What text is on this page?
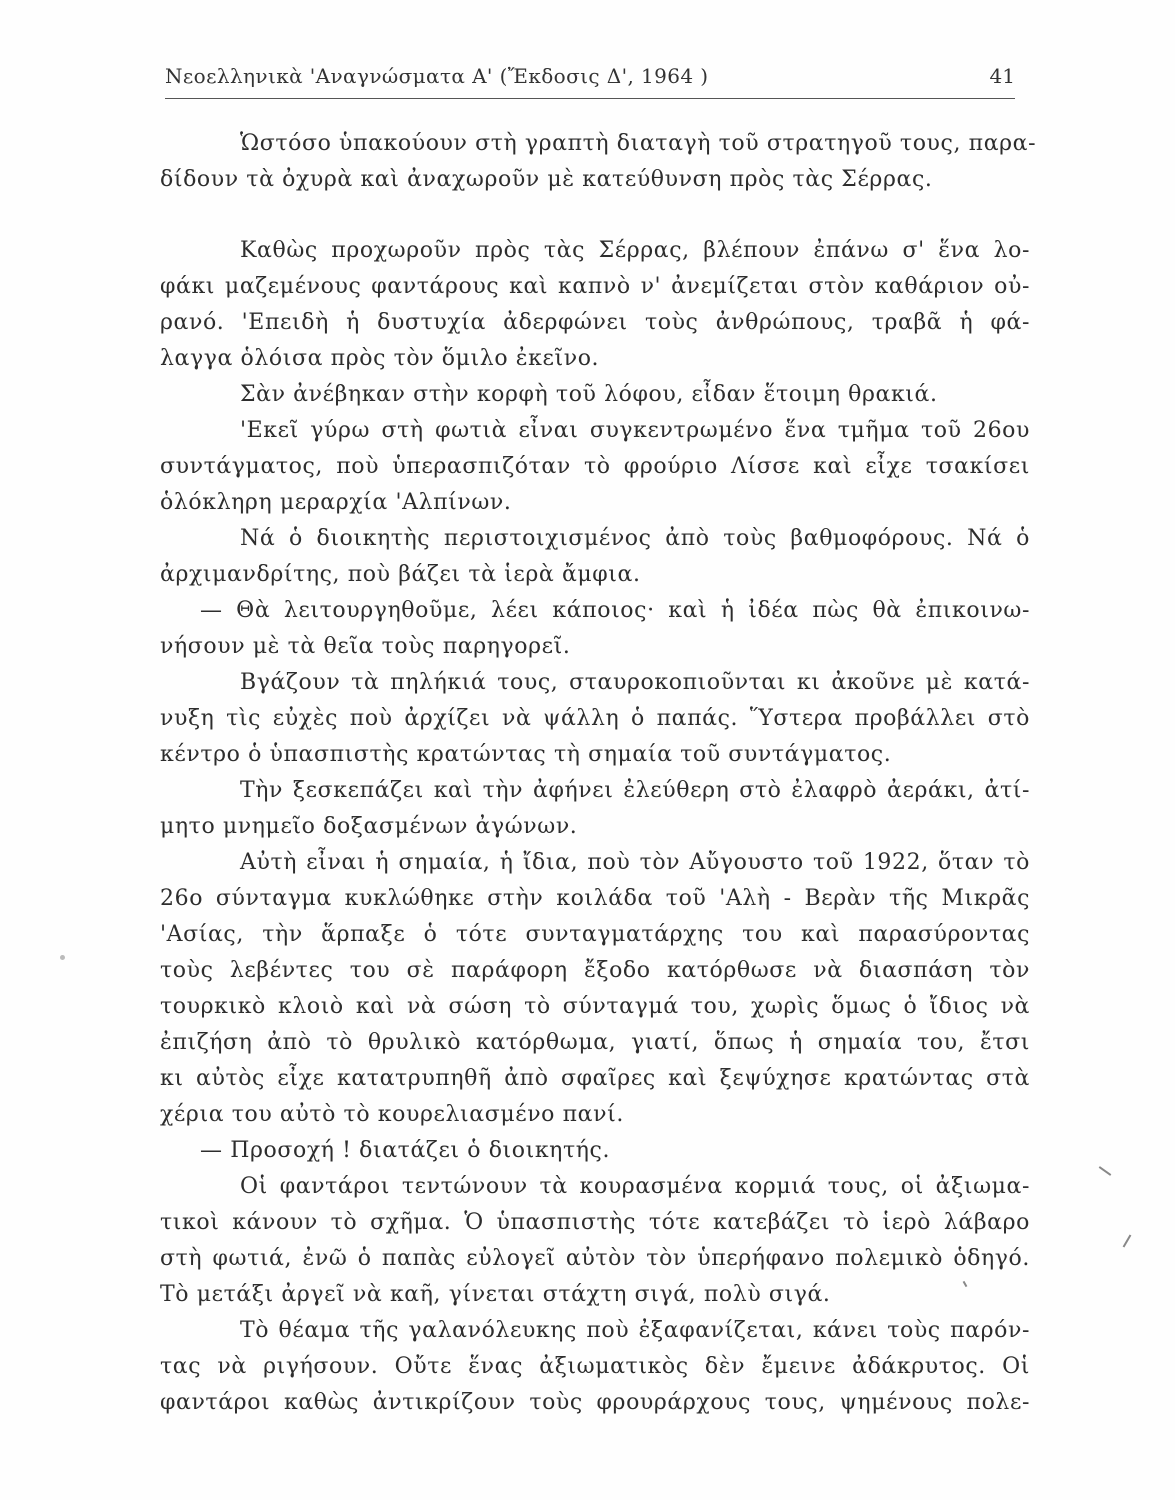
Νεοελληνικὰ 'Αναγνώσματα Α' (Ἔκδοσις Δ', 1964 )	41
Ὡστόσο ὑπακούουν στὴ γραπτὴ διαταγὴ τοῦ στρατηγοῦ τους, παρα-
δίδουν τὰ ὀχυρὰ καὶ ἀναχωροῦν μὲ κατεύθυνση πρὸς τὰς Σέρρας.
Καθὼς προχωροῦν πρὸς τὰς Σέρρας, βλέπουν ἐπάνω σ' ἕνα λο-
φάκι μαζεμένους φαντάρους καὶ καπνὸ ν' ἀνεμίζεται στὸν καθάριον οὐ-
ρανό. 'Επειδὴ ἡ δυστυχία ἀδερφώνει τοὺς ἀνθρώπους, τραβᾶ ἡ φά-
λαγγα ὁλόισα πρὸς τὸν ὅμιλο ἐκεῖνο.
Σὰν ἀνέβηκαν στὴν κορφὴ τοῦ λόφου, εἶδαν ἕτοιμη θρακιά.
'Εκεῖ γύρω στὴ φωτιὰ εἶναι συγκεντρωμένο ἕνα τμῆμα τοῦ 26ου
συντάγματος, ποὺ ὑπερασπιζόταν τὸ φρούριο Λίσσε καὶ εἶχε τσακίσει
ὁλόκληρη μεραρχία 'Αλπίνων.
Νά ὁ διοικητὴς περιστοιχισμένος ἀπὸ τοὺς βαθμοφόρους. Νά ὁ
ἀρχιμανδρίτης, ποὺ βάζει τὰ ἱερὰ ἄμφια.
— Θὰ λειτουργηθοῦμε, λέει κάποιος· καὶ ἡ ἰδέα πὼς θὰ ἐπικοινω-
νήσουν μὲ τὰ θεῖα τοὺς παρηγορεῖ.
Βγάζουν τὰ πηλήκιά τους, σταυροκοπιοῦνται κι ἀκοῦνε μὲ κατά-
νυξη τὶς εὐχὲς ποὺ ἀρχίζει νὰ ψάλλη ὁ παπάς. Ὕστερα προβάλλει στὸ
κέντρο ὁ ὑπασπιστὴς κρατώντας τὴ σημαία τοῦ συντάγματος.
Τὴν ξεσκεπάζει καὶ τὴν ἀφήνει ἐλεύθερη στὸ ἐλαφρὸ ἀεράκι, ἀτί-
μητο μνημεῖο δοξασμένων ἀγώνων.
Αὐτὴ εἶναι ἡ σημαία, ἡ ἴδια, ποὺ τὸν Αὔγουστο τοῦ 1922, ὅταν τὸ
26ο σύνταγμα κυκλώθηκε στὴν κοιλάδα τοῦ 'Αλὴ - Βερὰν τῆς Μικρᾶς
'Ασίας, τὴν ἅρπαξε ὁ τότε συνταγματάρχης του καὶ παρασύροντας
τοὺς λεβέντες του σὲ παράφορη ἔξοδο κατόρθωσε νὰ διασπάση τὸν
τουρκικὸ κλοιὸ καὶ νὰ σώση τὸ σύνταγμά του, χωρὶς ὅμως ὁ ἴδιος νὰ
ἐπιζήση ἀπὸ τὸ θρυλικὸ κατόρθωμα, γιατί, ὅπως ἡ σημαία του, ἔτσι
κι αὐτὸς εἶχε κατατρυπηθῆ ἀπὸ σφαῖρες καὶ ξεψύχησε κρατώντας στὰ
χέρια του αὐτὸ τὸ κουρελιασμένο πανί.
— Προσοχή ! διατάζει ὁ διοικητής.
Οἱ φαντάροι τεντώνουν τὰ κουρασμένα κορμιά τους, οἱ ἀξιωμα-
τικοὶ κάνουν τὸ σχῆμα. Ὁ ὑπασπιστὴς τότε κατεβάζει τὸ ἱερὸ λάβαρο
στὴ φωτιά, ἐνῶ ὁ παπὰς εὐλογεῖ αὐτὸν τὸν ὑπερήφανο πολεμικὸ ὁδηγό.
Τὸ μετάξι ἀργεῖ νὰ καῆ, γίνεται στάχτη σιγά, πολὺ σιγά.
Τὸ θέαμα τῆς γαλανόλευκης ποὺ ἐξαφανίζεται, κάνει τοὺς παρόν-
τας νὰ ριγήσουν. Οὔτε ἕνας ἀξιωματικὸς δὲν ἔμεινε ἀδάκρυτος. Οἱ
φαντάροι καθὼς ἀντικρίζουν τοὺς φρουράρχους τους, ψημένους πολε-
